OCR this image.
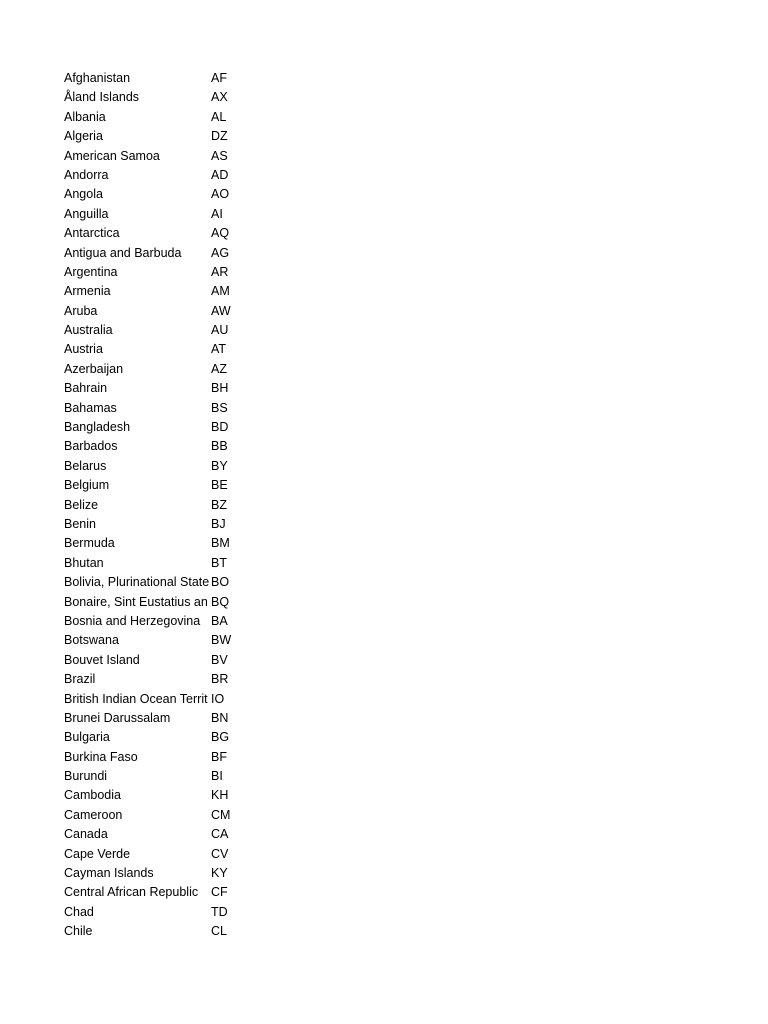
Afghanistan	AF
Åland Islands	AX
Albania	AL
Algeria	DZ
American Samoa	AS
Andorra	AD
Angola	AO
Anguilla	AI
Antarctica	AQ
Antigua and Barbuda	AG
Argentina	AR
Armenia	AM
Aruba	AW
Australia	AU
Austria	AT
Azerbaijan	AZ
Bahrain	BH
Bahamas	BS
Bangladesh	BD
Barbados	BB
Belarus	BY
Belgium	BE
Belize	BZ
Benin	BJ
Bermuda	BM
Bhutan	BT
Bolivia, Plurinational State BO
Bonaire, Sint Eustatius an BQ
Bosnia and Herzegovina BA
Botswana	BW
Bouvet Island	BV
Brazil	BR
British Indian Ocean Territ IO
Brunei Darussalam	BN
Bulgaria	BG
Burkina Faso	BF
Burundi	BI
Cambodia	KH
Cameroon	CM
Canada	CA
Cape Verde	CV
Cayman Islands	KY
Central African Republic	CF
Chad	TD
Chile	CL
